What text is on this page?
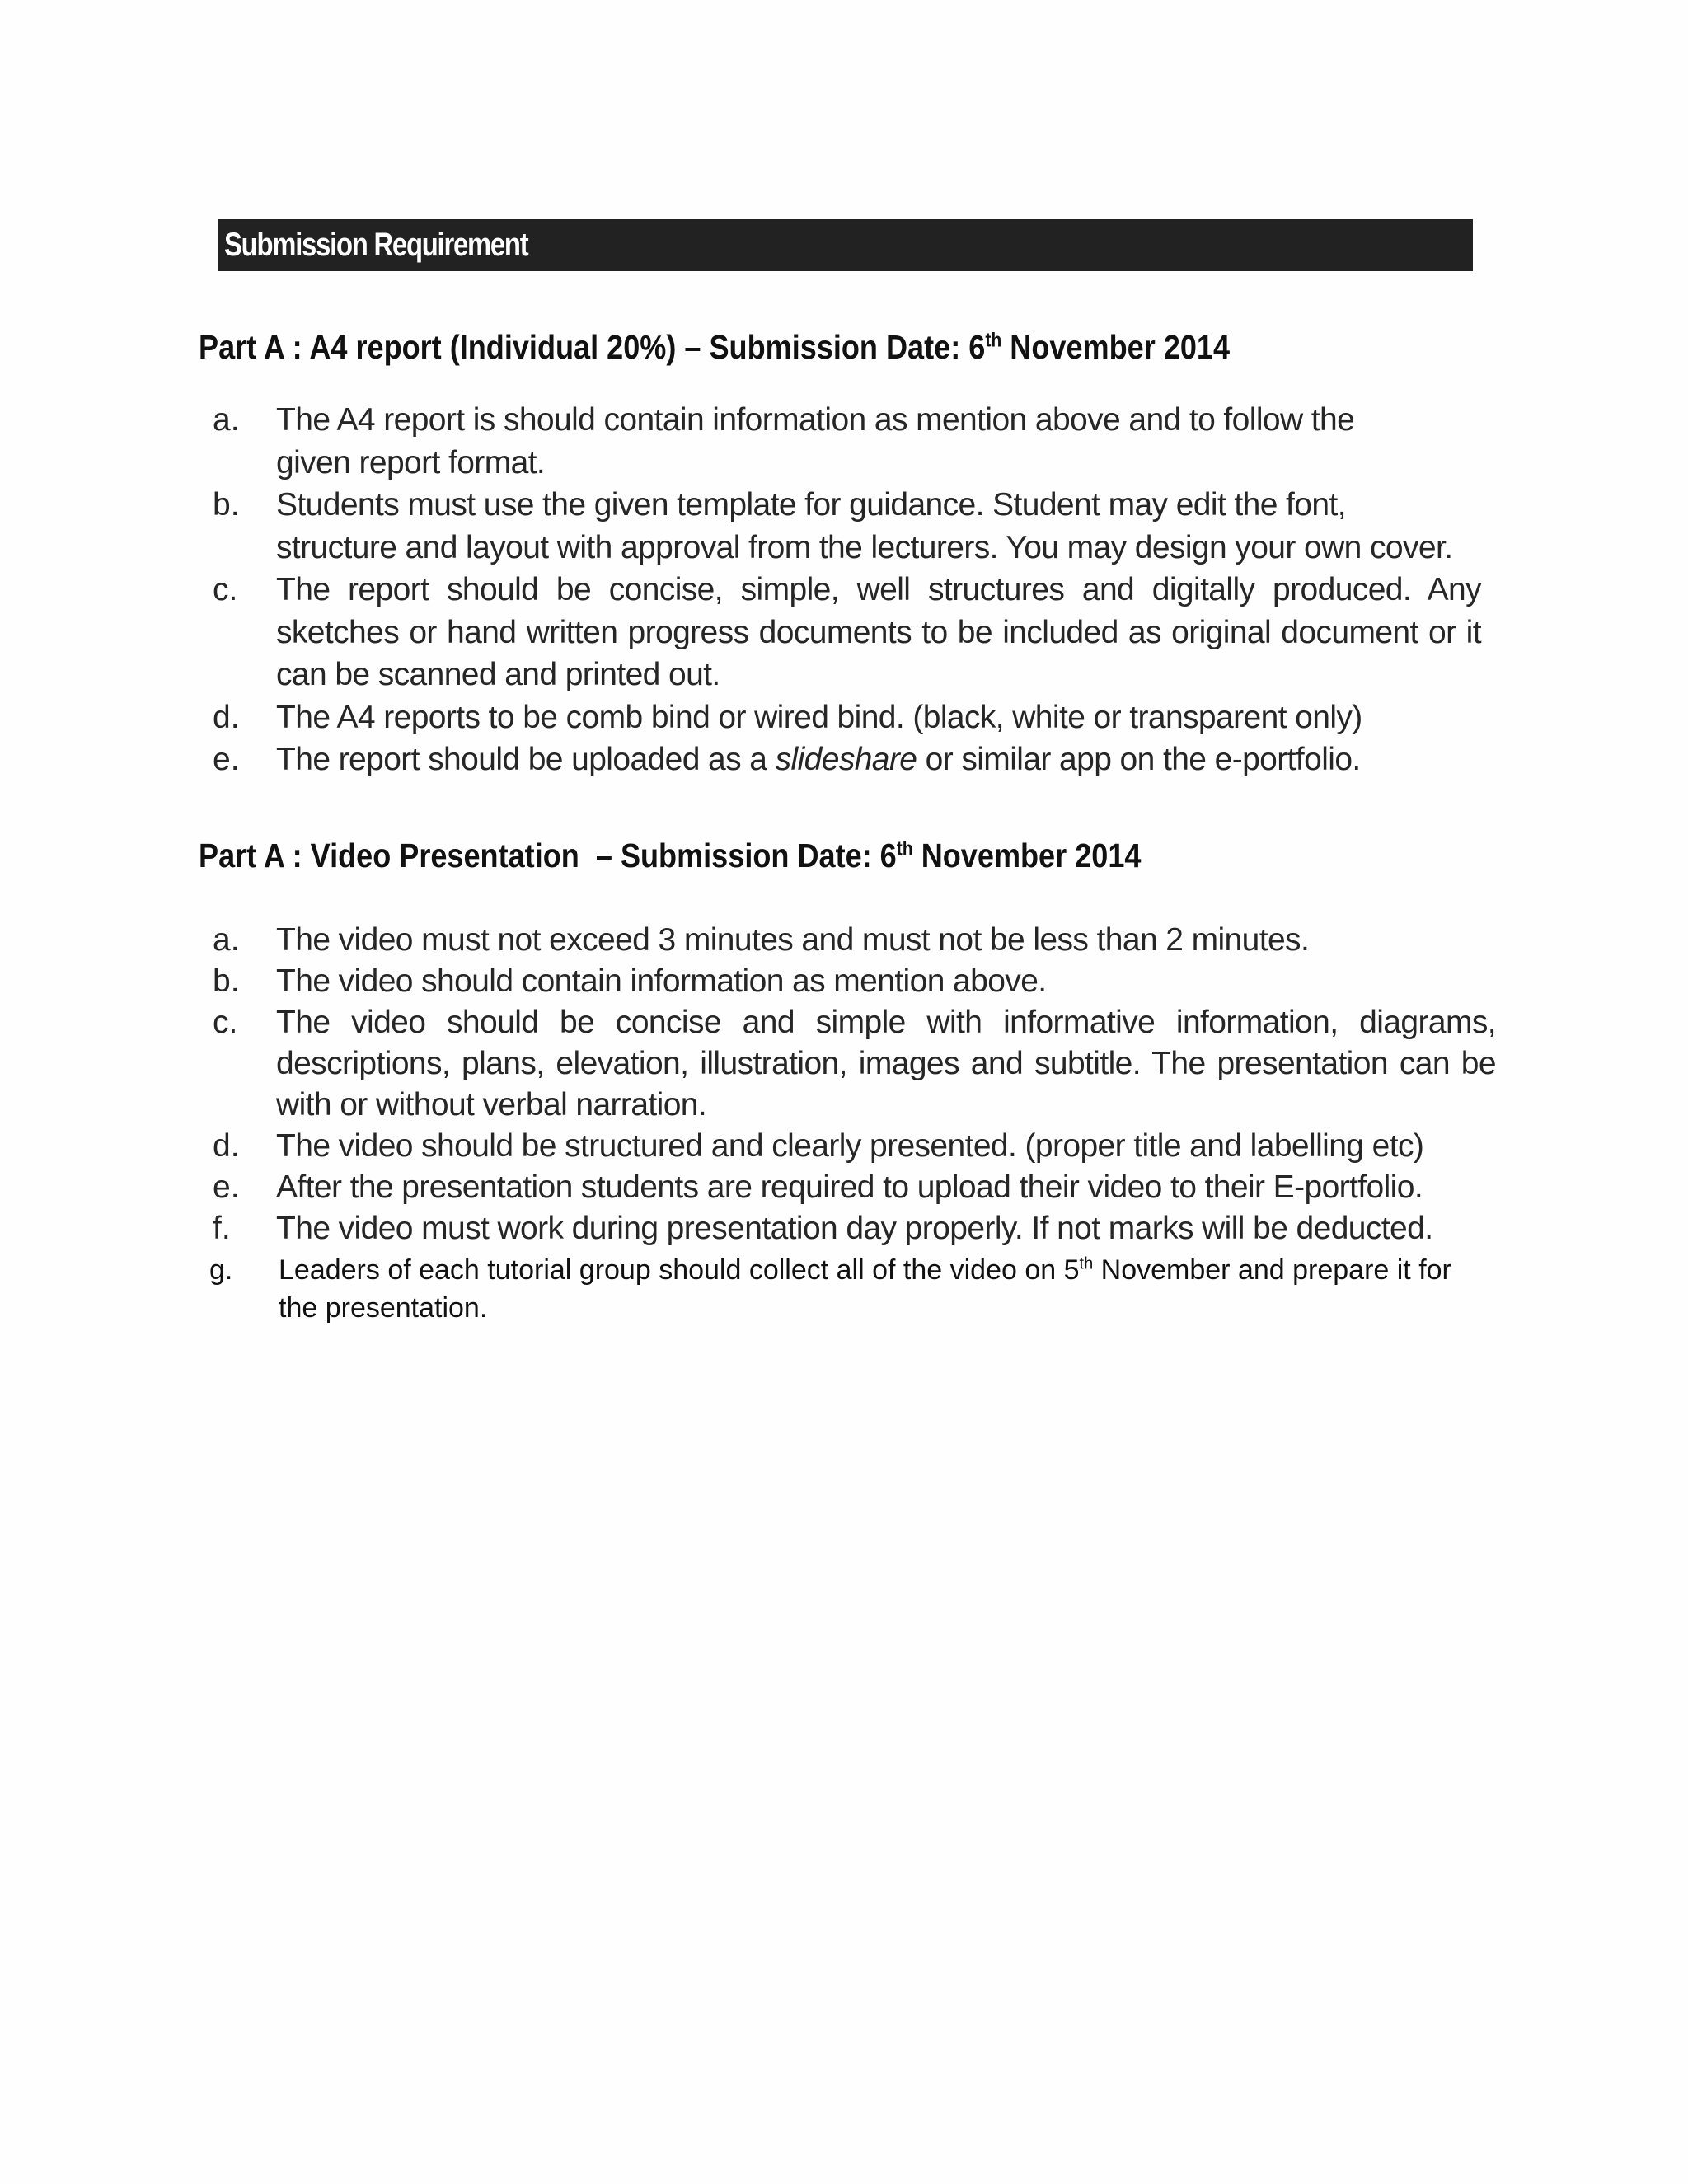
Submission Requirement
Part A : A4 report (Individual 20%) – Submission Date: 6th November 2014
a.	The A4 report is should contain information as mention above and to follow the given report format.
b.	Students must use the given template for guidance. Student may edit the font, structure and layout with approval from the lecturers. You may design your own cover.
c.	The report should be concise, simple, well structures and digitally produced. Any sketches or hand written progress documents to be included as original document or it can be scanned and printed out.
d.	The A4 reports to be comb bind or wired bind. (black, white or transparent only)
e.	The report should be uploaded as a slideshare or similar app on the e-portfolio.
Part A : Video Presentation  – Submission Date: 6th November 2014
a.	The video must not exceed 3 minutes and must not be less than 2 minutes.
b.	The video should contain information as mention above.
c.	The video should be concise and simple with informative information, diagrams, descriptions, plans, elevation, illustration, images and subtitle. The presentation can be with or without verbal narration.
d.	The video should be structured and clearly presented. (proper title and labelling etc)
e.	After the presentation students are required to upload their video to their E-portfolio.
f.	The video must work during presentation day properly. If not marks will be deducted.
g.	Leaders of each tutorial group should collect all of the video on 5th November and prepare it for the presentation.
